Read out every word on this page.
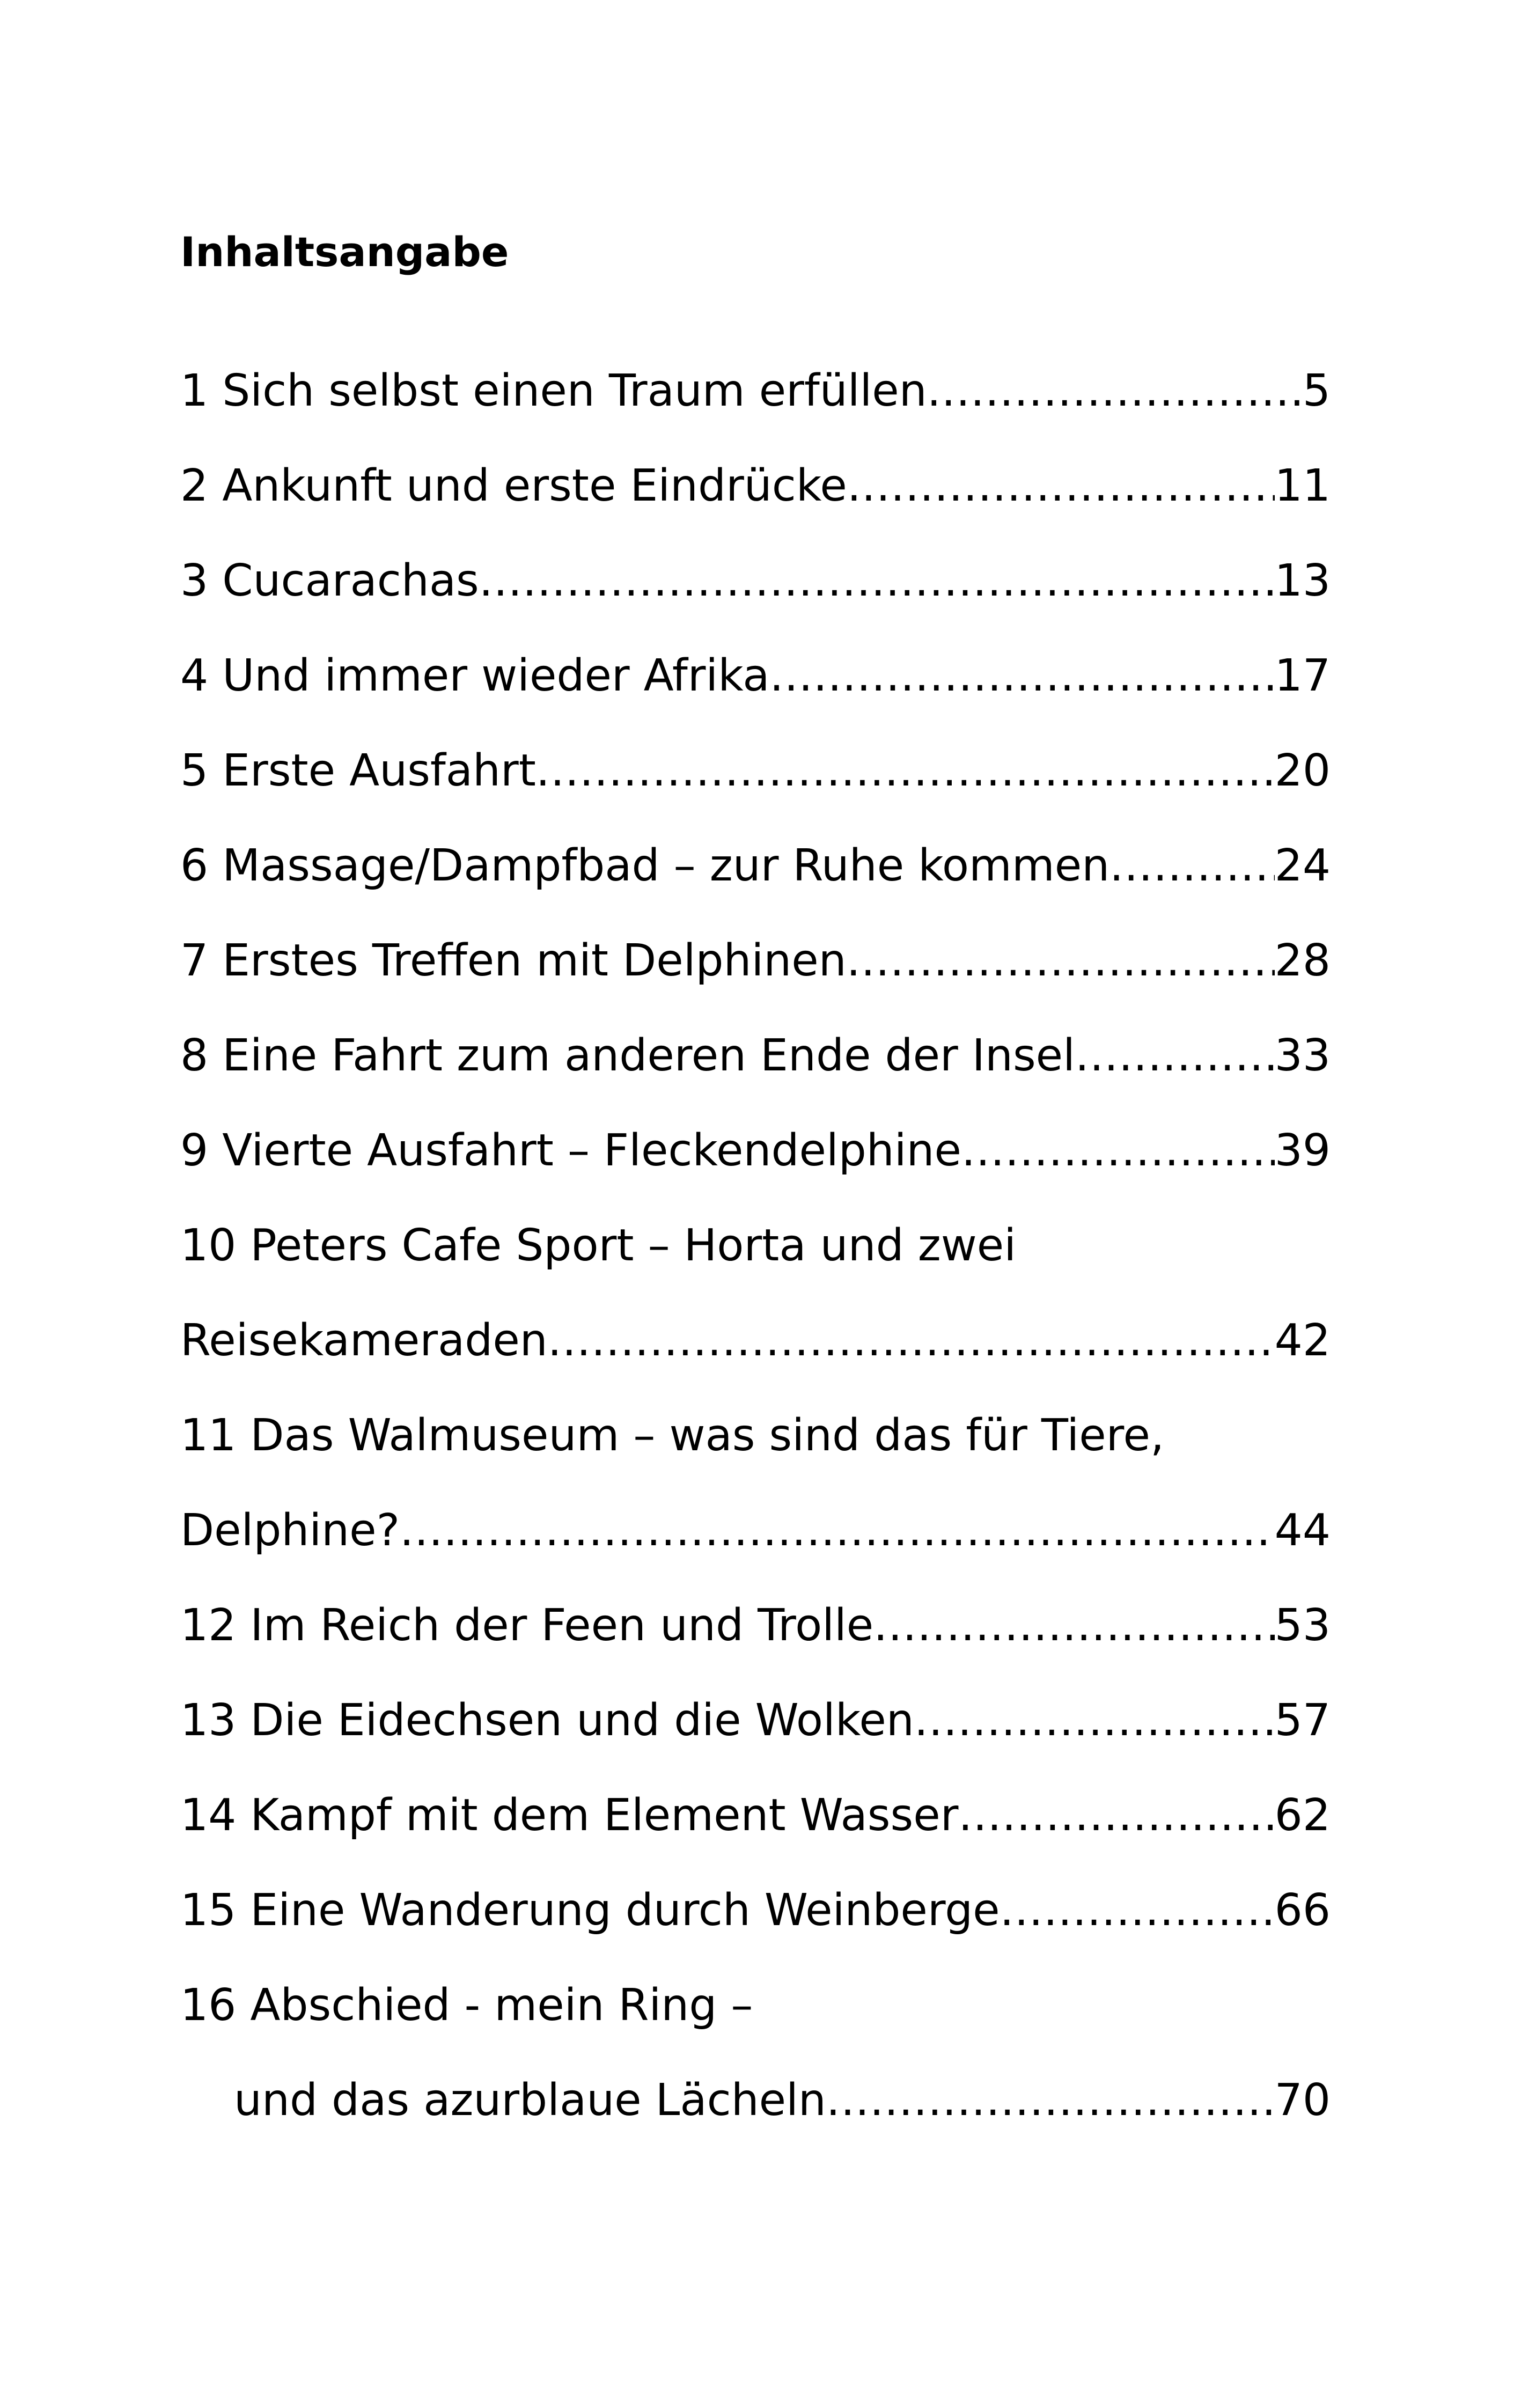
Inhaltsangabe
1 Sich selbst einen Traum erfüllen .....	5
2 Ankunft und erste Eindrücke .....	11
3 Cucarachas .....	13
4 Und immer wieder Afrika .....	17
5 Erste Ausfahrt .....	20
6 Massage/Dampfbad – zur Ruhe kommen .....	24
7 Erstes Treffen mit Delphinen .....	28
8 Eine Fahrt zum anderen Ende der Insel .....	33
9 Vierte Ausfahrt – Fleckendelphine .....	39
10 Peters Cafe Sport – Horta und zwei
Reisekameraden .....	42
11 Das Walmuseum – was sind das für Tiere,
Delphine? .....	44
12 Im Reich der Feen und Trolle .....	53
13 Die Eidechsen und die Wolken .....	57
14 Kampf mit dem Element Wasser .....	62
15 Eine Wanderung durch Weinberge .....	66
16 Abschied - mein Ring –
und das azurblaue Lächeln .....	70
